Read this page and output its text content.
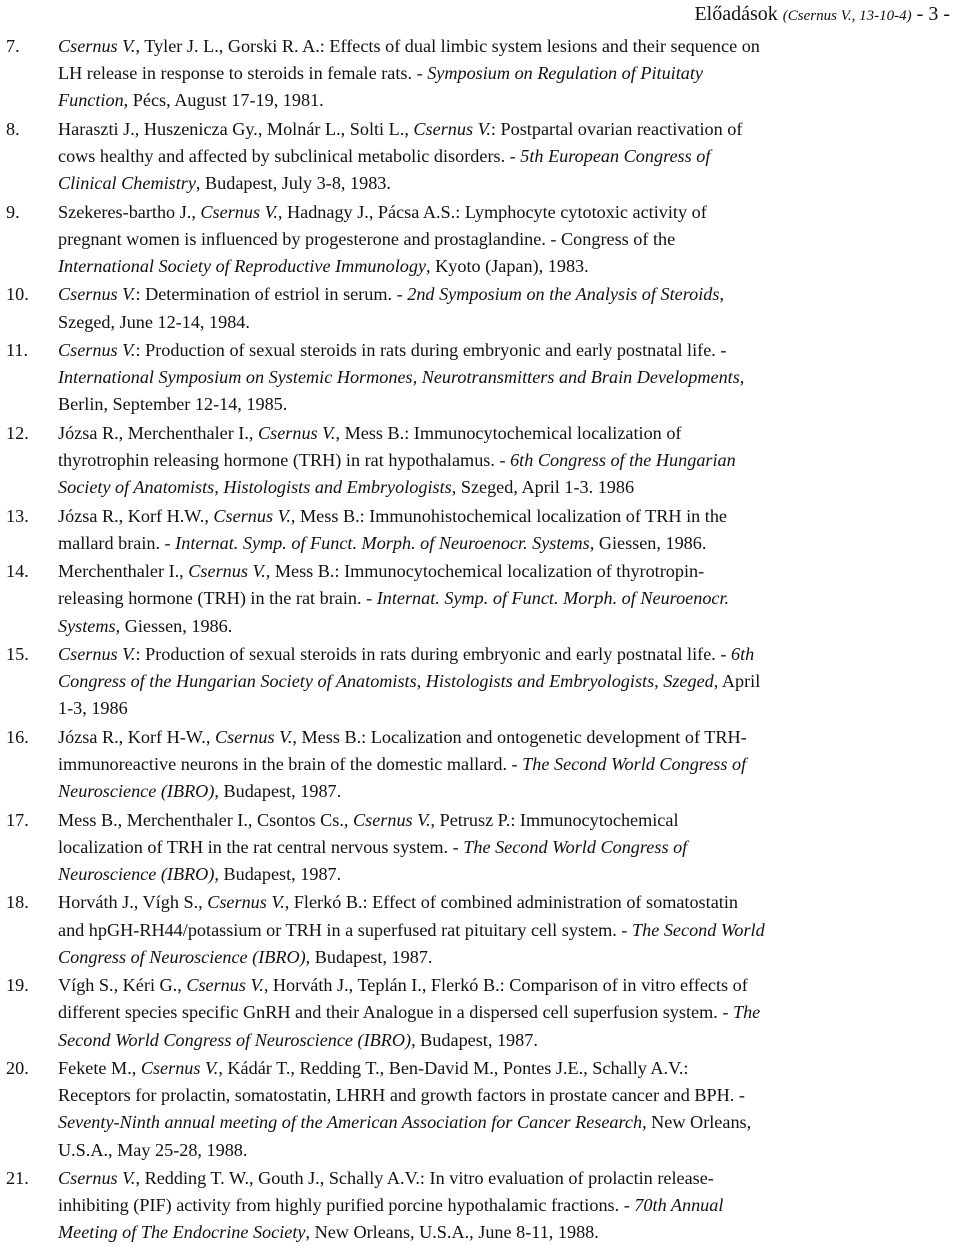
Előadások (Csernus V., 13-10-4) - 3 -
7. Csernus V., Tyler J. L., Gorski R. A.: Effects of dual limbic system lesions and their sequence on
LH release in response to steroids in female rats. - Symposium on Regulation of Pituitaty
Function, Pécs, August 17-19, 1981.
8. Haraszti J., Huszenicza Gy., Molnár L., Solti L., Csernus V.: Postpartal ovarian reactivation of
cows healthy and affected by subclinical metabolic disorders. - 5th European Congress of
Clinical Chemistry, Budapest, July 3-8, 1983.
9. Szekeres-bartho J., Csernus V., Hadnagy J., Pácsa A.S.: Lymphocyte cytotoxic activity of
pregnant women is influenced by progesterone and prostaglandine. - Congress of the
International Society of Reproductive Immunology, Kyoto (Japan), 1983.
10. Csernus V.: Determination of estriol in serum. - 2nd Symposium on the Analysis of Steroids,
Szeged, June 12-14, 1984.
11. Csernus V.: Production of sexual steroids in rats during embryonic and early postnatal life. -
International Symposium on Systemic Hormones, Neurotransmitters and Brain Developments,
Berlin, September 12-14, 1985.
12. Józsa R., Merchenthaler I., Csernus V., Mess B.: Immunocytochemical localization of
thyrotrophin releasing hormone (TRH) in rat hypothalamus. - 6th Congress of the Hungarian
Society of Anatomists, Histologists and Embryologists, Szeged, April 1-3. 1986
13. Józsa R., Korf H.W., Csernus V., Mess B.: Immunohistochemical localization of TRH in the
mallard brain. - Internat. Symp. of Funct. Morph. of Neuroenocr. Systems, Giessen, 1986.
14. Merchenthaler I., Csernus V., Mess B.: Immunocytochemical localization of thyrotropin-
releasing hormone (TRH) in the rat brain. - Internat. Symp. of Funct. Morph. of Neuroenocr.
Systems, Giessen, 1986.
15. Csernus V.: Production of sexual steroids in rats during embryonic and early postnatal life. - 6th
Congress of the Hungarian Society of Anatomists, Histologists and Embryologists, Szeged, April
1-3, 1986
16. Józsa R., Korf H-W., Csernus V., Mess B.: Localization and ontogenetic development of TRH-
immunoreactive neurons in the brain of the domestic mallard. - The Second World Congress of
Neuroscience (IBRO), Budapest, 1987.
17. Mess B., Merchenthaler I., Csontos Cs., Csernus V., Petrusz P.: Immunocytochemical
localization of TRH in the rat central nervous system. - The Second World Congress of
Neuroscience (IBRO), Budapest, 1987.
18. Horváth J., Vígh S., Csernus V., Flerkó B.: Effect of combined administration of somatostatin
and hpGH-RH44/potassium or TRH in a superfused rat pituitary cell system. - The Second World
Congress of Neuroscience (IBRO), Budapest, 1987.
19. Vígh S., Kéri G., Csernus V., Horváth J., Teplán I., Flerkó B.: Comparison of in vitro effects of
different species specific GnRH and their Analogue in a dispersed cell superfusion system. - The
Second World Congress of Neuroscience (IBRO), Budapest, 1987.
20. Fekete M., Csernus V., Kádár T., Redding T., Ben-David M., Pontes J.E., Schally A.V.:
Receptors for prolactin, somatostatin, LHRH and growth factors in prostate cancer and BPH. -
Seventy-Ninth annual meeting of the American Association for Cancer Research, New Orleans,
U.S.A., May 25-28, 1988.
21. Csernus V., Redding T. W., Gouth J., Schally A.V.: In vitro evaluation of prolactin release-
inhibiting (PIF) activity from highly purified porcine hypothalamic fractions. - 70th Annual
Meeting of The Endocrine Society, New Orleans, U.S.A., June 8-11, 1988.
